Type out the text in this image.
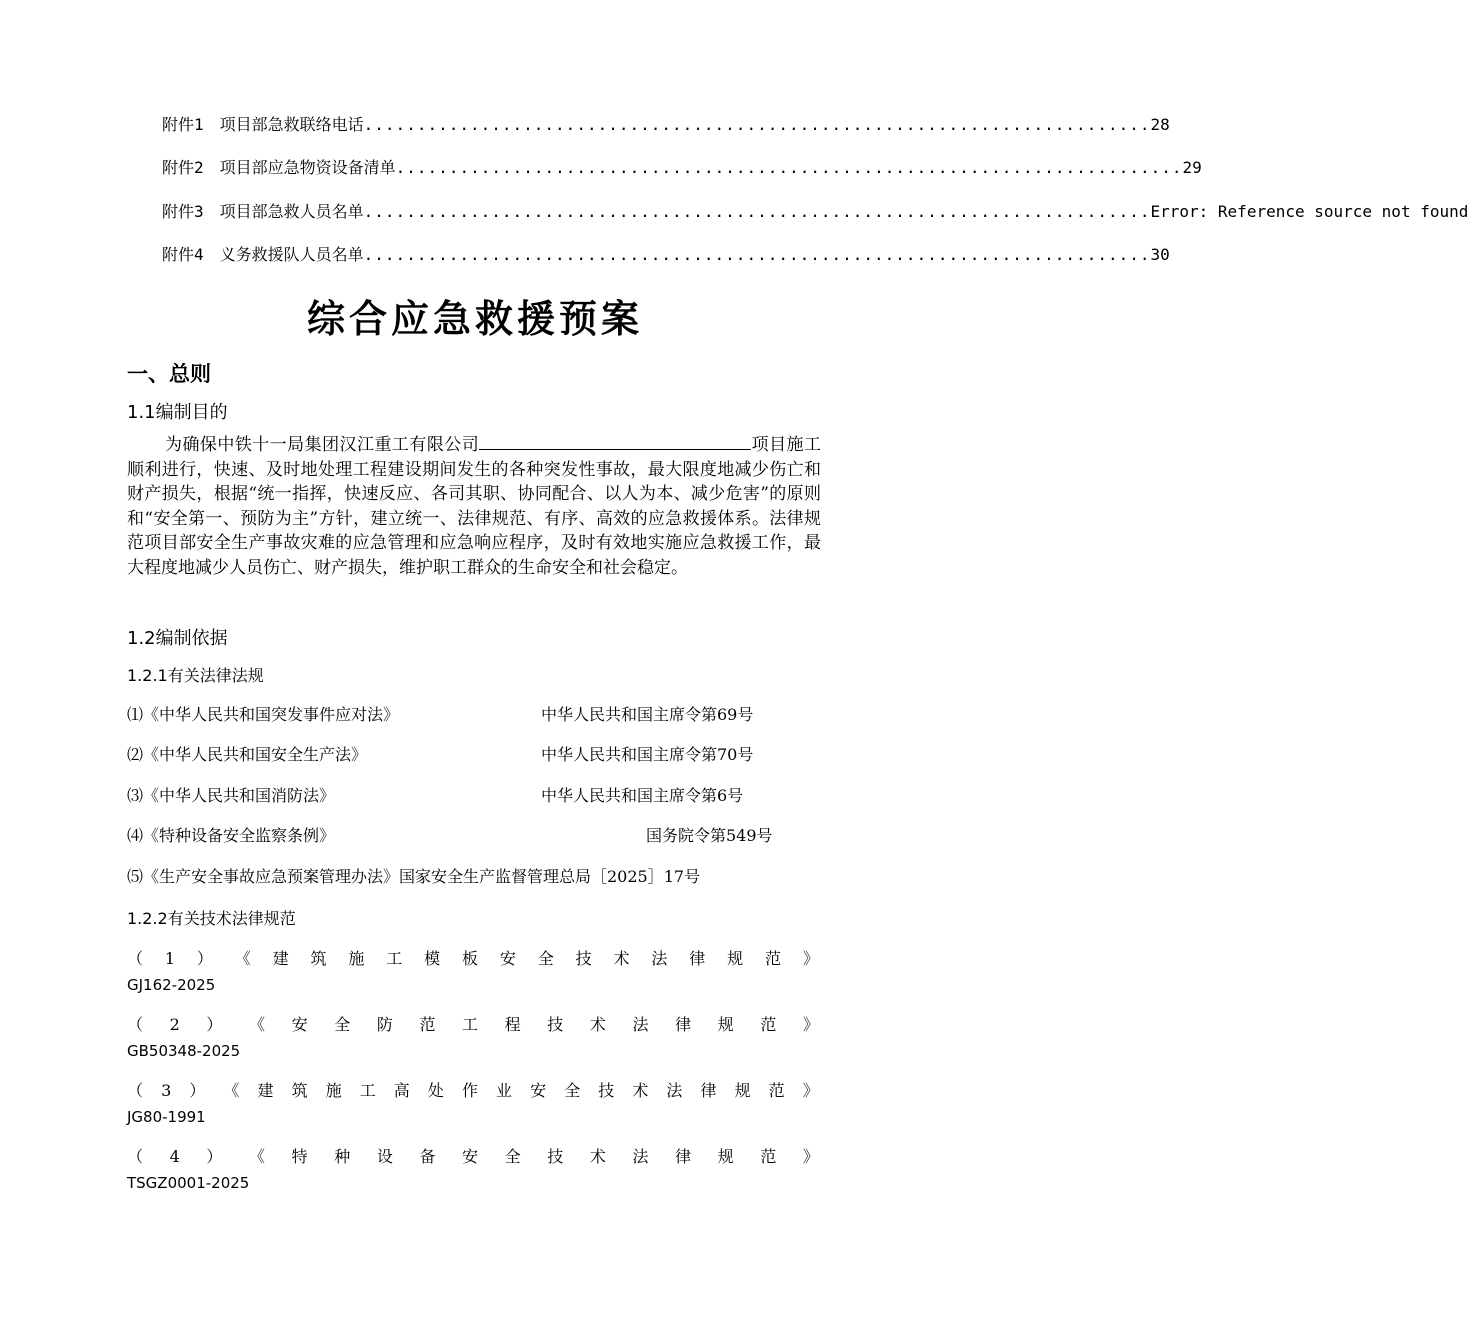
附件1 项目部急救联络电话 .......................................................................... 28
附件2 项目部应急物资设备清单 .......................................................................... 29
附件3 项目部急救人员名单 .......................................................................... Error: Reference source not found
附件4 义务救援队人员名单 .......................................................................... 30
综合应急救援预案
一、总则
1.1编制目的
为确保中铁十一局集团汉江重工有限公司	项目施工顺利进行，快速、及时地处理工程建设期间发生的各种突发性事故，最大限度地减少伤亡和财产损失，根据“统一指挥，快速反应、各司其职、协同配合、以人为本、减少危害”的原则和“安全第一、预防为主”方针，建立统一、法律规范、有序、高效的应急救援体系。法律规范项目部安全生产事故灾难的应急管理和应急响应程序，及时有效地实施应急救援工作，最大程度地减少人员伤亡、财产损失，维护职工群众的生命安全和社会稳定。
1.2编制依据
1.2.1有关法律法规
⑴《中华人民共和国突发事件应对法》	中华人民共和国主席令第69号
⑵《中华人民共和国安全生产法》	中华人民共和国主席令第70号
⑶《中华人民共和国消防法》	中华人民共和国主席令第6号
⑷《特种设备安全监察条例》	国务院令第549号
⑸《生产安全事故应急预案管理办法》国家安全生产监督管理总局［2025］17号
1.2.2有关技术法律规范
（ 1 ） 《 建 筑 施 工 模 板 安 全 技 术 法 律 规 范 》
GJ162-2025
（ 2 ） 《 安 全 防 范 工 程 技 术 法 律 规 范 》
GB50348-2025
（ 3 ） 《 建 筑 施 工 高 处 作 业 安 全 技 术 法 律 规 范 》
JG80-1991
（ 4 ） 《 特 种 设 备 安 全 技 术 法 律 规 范 》
TSGZ0001-2025
